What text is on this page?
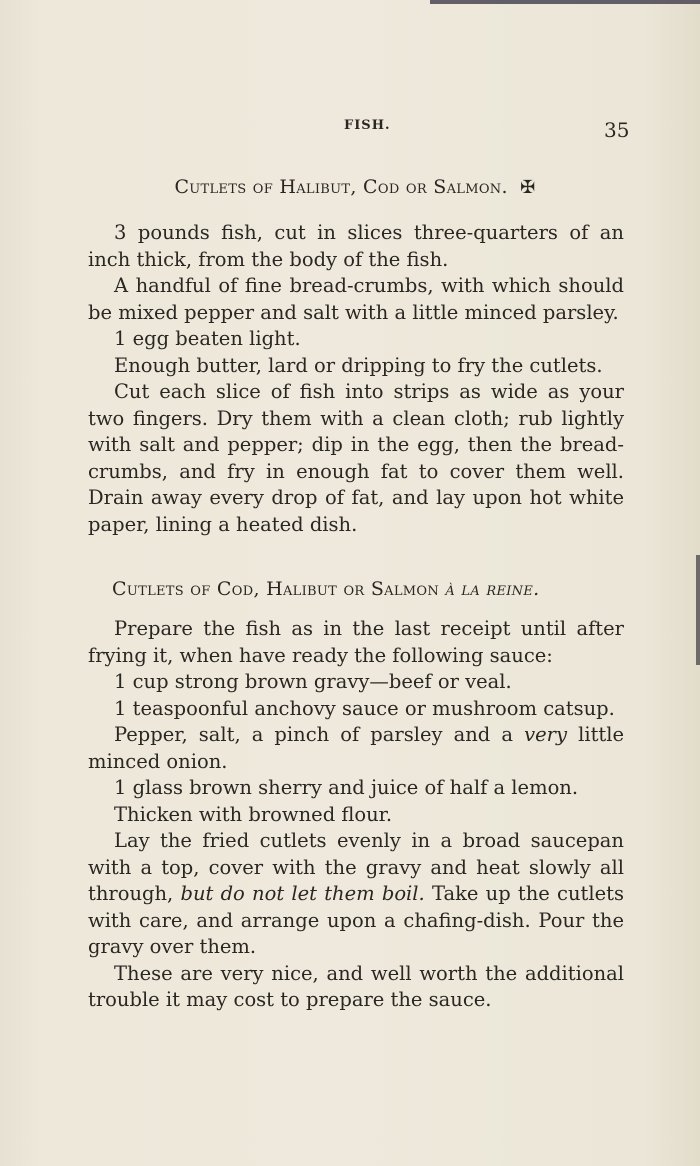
FISH.	35
Cutlets of Halibut, Cod or Salmon. ✠

3 pounds fish, cut in slices three-quarters of an inch thick, from the body of the fish.

A handful of fine bread-crumbs, with which should be mixed pepper and salt with a little minced parsley.

1 egg beaten light.

Enough butter, lard or dripping to fry the cutlets.

Cut each slice of fish into strips as wide as your two fingers. Dry them with a clean cloth; rub lightly with salt and pepper; dip in the egg, then the bread-crumbs, and fry in enough fat to cover them well. Drain away every drop of fat, and lay upon hot white paper, lining a heated dish.

Cutlets of Cod, Halibut or Salmon à la reine.

Prepare the fish as in the last receipt until after frying it, when have ready the following sauce:

1 cup strong brown gravy—beef or veal.

1 teaspoonful anchovy sauce or mushroom catsup.

Pepper, salt, a pinch of parsley and a very little minced onion.

1 glass brown sherry and juice of half a lemon.

Thicken with browned flour.

Lay the fried cutlets evenly in a broad saucepan with a top, cover with the gravy and heat slowly all through, but do not let them boil. Take up the cutlets with care, and arrange upon a chafing-dish. Pour the gravy over them.

These are very nice, and well worth the additional trouble it may cost to prepare the sauce.
